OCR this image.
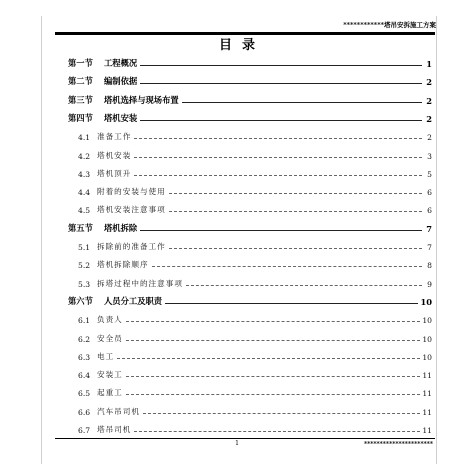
************塔吊安拆施工方案
目录
第一节	工程概况	1
第二节	编制依据	2
第三节	塔机选择与现场布置	2
第四节	塔机安装	2
4.1 准备工作	2
4.2 塔机安装	3
4.3 塔机顶升	5
4.4 附着的安装与使用	6
4.5 塔机安装注意事项	6
第五节	塔机拆除	7
5.1 拆除前的准备工作	7
5.2 塔机拆除顺序	8
5.3 拆塔过程中的注意事项	9
第六节	人员分工及职责	10
6.1 负责人	10
6.2 安全员	10
6.3 电工	10
6.4 安装工	11
6.5 起重工	11
6.6 汽车吊司机	11
6.7 塔吊司机	11
1	**********************
